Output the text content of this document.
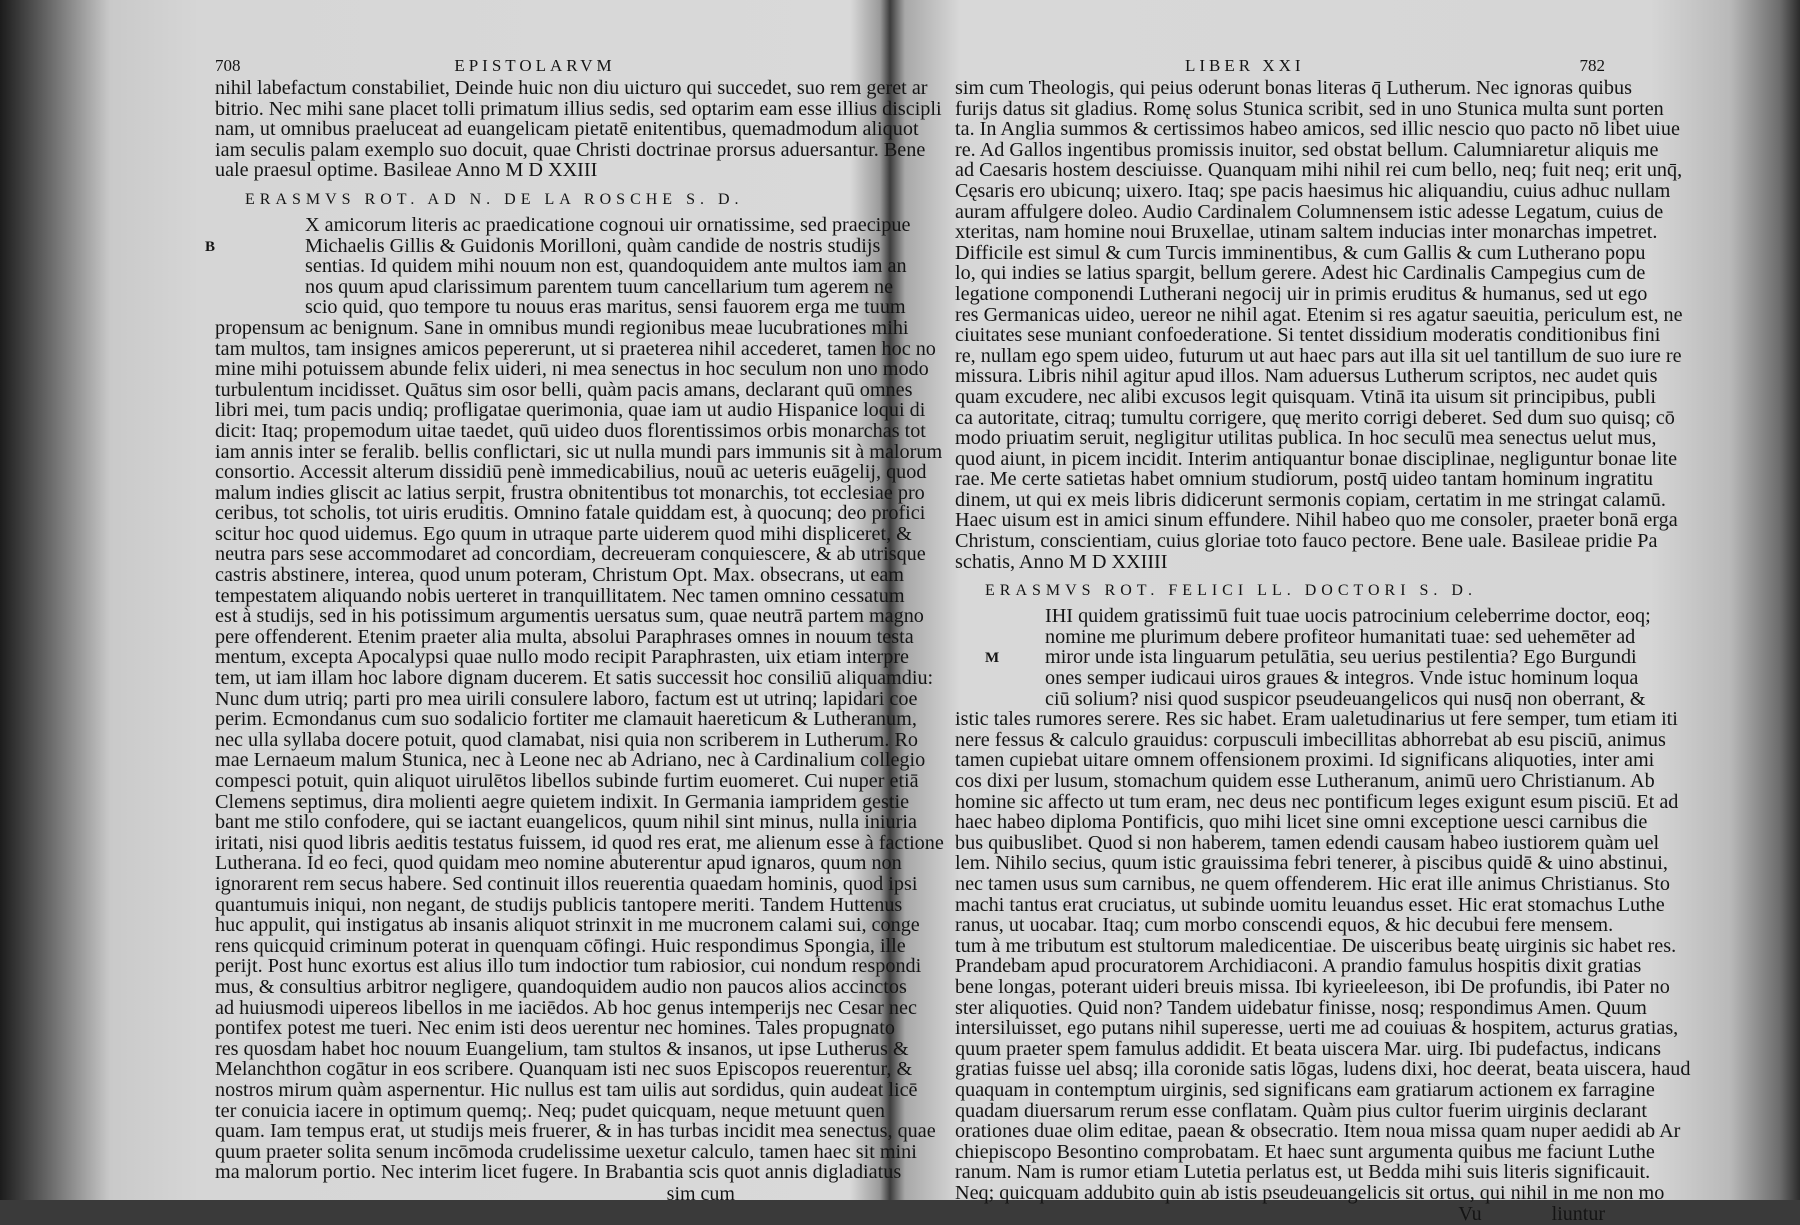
708	EPISTOLARVM
nihil labefactum constabiliet, Deinde huic non diu uicturo qui succedet, suo rem geret ar
bitrio. Nec mihi sane placet tolli primatum illius sedis, sed optarim eam esse illius discipli
nam, ut omnibus praeluceat ad euangelicam pietatē enitentibus, quemadmodum aliquot
iam seculis palam exemplo suo docuit, quae Christi doctrinae prorsus aduersantur. Bene
uale praesul optime. Basileae Anno M D XXIII
ERASMVS ROT. AD N. DE LA ROSCHE S. D.
B
X amicorum literis ac praedicatione cognoui uir ornatissime, sed praecipue
Michaelis Gillis & Guidonis Morilloni, quàm candide de nostris studijs
sentias. Id quidem mihi nouum non est, quandoquidem ante multos iam an
nos quum apud clarissimum parentem tuum cancellarium tum agerem ne
scio quid, quo tempore tu nouus eras maritus, sensi fauorem erga me tuum
propensum ac benignum. Sane in omnibus mundi regionibus meae lucubrationes mihi
tam multos, tam insignes amicos pepererunt, ut si praeterea nihil accederet, tamen hoc no
mine mihi potuissem abunde felix uideri, ni mea senectus in hoc seculum non uno modo
turbulentum incidisset. Quātus sim osor belli, quàm pacis amans, declarant quū omnes
libri mei, tum pacis undiq; profligatae querimonia, quae iam ut audio Hispanice loqui di
dicit: Itaq; propemodum uitae taedet, quū uideo duos florentissimos orbis monarchas tot
iam annis inter se feralib. bellis conflictari, sic ut nulla mundi pars immunis sit à malorum
consortio. Accessit alterum dissidiū penè immedicabilius, nouū ac ueteris euāgelij, quod
malum indies gliscit ac latius serpit, frustra obnitentibus tot monarchis, tot ecclesiae pro
ceribus, tot scholis, tot uiris eruditis. Omnino fatale quiddam est, à quocunq; deo profici
scitur hoc quod uidemus. Ego quum in utraque parte uiderem quod mihi displiceret, &
neutra pars sese accommodaret ad concordiam, decreueram conquiescere, & ab utrisque
castris abstinere, interea, quod unum poteram, Christum Opt. Max. obsecrans, ut eam
tempestatem aliquando nobis uerteret in tranquillitatem. Nec tamen omnino cessatum
est à studijs, sed in his potissimum argumentis uersatus sum, quae neutrā partem magno
pere offenderent. Etenim praeter alia multa, absolui Paraphrases omnes in nouum testa
mentum, excepta Apocalypsi quae nullo modo recipit Paraphrasten, uix etiam interpre
tem, ut iam illam hoc labore dignam ducerem. Et satis successit hoc consiliū aliquamdiu:
Nunc dum utriq; parti pro mea uirili consulere laboro, factum est ut utrinq; lapidari coe
perim. Ecmondanus cum suo sodalicio fortiter me clamauit haereticum & Lutheranum,
nec ulla syllaba docere potuit, quod clamabat, nisi quia non scriberem in Lutherum. Ro
mae Lernaeum malum Stunica, nec à Leone nec ab Adriano, nec à Cardinalium collegio
compesci potuit, quin aliquot uirulētos libellos subinde furtim euomeret. Cui nuper etiā
Clemens septimus, dira molienti aegre quietem indixit. In Germania iampridem gestie
bant me stilo confodere, qui se iactant euangelicos, quum nihil sint minus, nulla iniuria
iritati, nisi quod libris aeditis testatus fuissem, id quod res erat, me alienum esse à factione
Lutherana. Id eo feci, quod quidam meo nomine abuterentur apud ignaros, quum non
ignorarent rem secus habere. Sed continuit illos reuerentia quaedam hominis, quod ipsi
quantumuis iniqui, non negant, de studijs publicis tantopere meriti. Tandem Huttenus
huc appulit, qui instigatus ab insanis aliquot strinxit in me mucronem calami sui, conge
rens quicquid criminum poterat in quenquam cōfingi. Huic respondimus Spongia, ille
perijt. Post hunc exortus est alius illo tum indoctior tum rabiosior, cui nondum respondi
mus, & consultius arbitror negligere, quandoquidem audio non paucos alios accinctos
ad huiusmodi uipereos libellos in me iaciēdos. Ab hoc genus intemperijs nec Cesar nec
pontifex potest me tueri. Nec enim isti deos uerentur nec homines. Tales propugnato
res quosdam habet hoc nouum Euangelium, tam stultos & insanos, ut ipse Lutherus &
Melanchthon cogātur in eos scribere. Quanquam isti nec suos Episcopos reuerentur, &
nostros mirum quàm aspernentur. Hic nullus est tam uilis aut sordidus, quin audeat licē
ter conuicia iacere in optimum quemq;. Neq; pudet quicquam, neque metuunt quen
quam. Iam tempus erat, ut studijs meis fruerer, & in has turbas incidit mea senectus, quae
quum praeter solita senum incōmoda crudelissime uexetur calculo, tamen haec sit mini
ma malorum portio. Nec interim licet fugere. In Brabantia scis quot annis digladiatus
sim cum
LIBER XXI	782
sim cum Theologis, qui peius oderunt bonas literas q̄ Lutherum. Nec ignoras quibus
furijs datus sit gladius. Romę solus Stunica scribit, sed in uno Stunica multa sunt porten
ta. In Anglia summos & certissimos habeo amicos, sed illic nescio quo pacto nō libet uiue
re. Ad Gallos ingentibus promissis inuitor, sed obstat bellum. Calumniaretur aliquis me
ad Caesaris hostem desciuisse. Quanquam mihi nihil rei cum bello, neq; fuit neq; erit unq̄,
Cęsaris ero ubicunq; uixero. Itaq; spe pacis haesimus hic aliquandiu, cuius adhuc nullam
auram affulgere doleo. Audio Cardinalem Columnensem istic adesse Legatum, cuius de
xteritas, nam homine noui Bruxellae, utinam saltem inducias inter monarchas impetret.
Difficile est simul & cum Turcis imminentibus, & cum Gallis & cum Lutherano popu
lo, qui indies se latius spargit, bellum gerere. Adest hic Cardinalis Campegius cum de
legatione componendi Lutherani negocij uir in primis eruditus & humanus, sed ut ego
res Germanicas uideo, uereor ne nihil agat. Etenim si res agatur saeuitia, periculum est, ne
ciuitates sese muniant confoederatione. Si tentet dissidium moderatis conditionibus fini
re, nullam ego spem uideo, futurum ut aut haec pars aut illa sit uel tantillum de suo iure re
missura. Libris nihil agitur apud illos. Nam aduersus Lutherum scriptos, nec audet quis
quam excudere, nec alibi excusos legit quisquam. Vtinā ita uisum sit principibus, publi
ca autoritate, citraq; tumultu corrigere, quę merito corrigi deberet. Sed dum suo quisq; cō
modo priuatim seruit, negligitur utilitas publica. In hoc seculū mea senectus uelut mus,
quod aiunt, in picem incidit. Interim antiquantur bonae disciplinae, negliguntur bonae lite
rae. Me certe satietas habet omnium studiorum, postq̄ uideo tantam hominum ingratitu
dinem, ut qui ex meis libris didicerunt sermonis copiam, certatim in me stringat calamū.
Haec uisum est in amici sinum effundere. Nihil habeo quo me consoler, praeter bonā erga
Christum, conscientiam, cuius gloriae toto fauco pectore. Bene uale. Basileae pridie Pa
schatis, Anno M D XXIIII
ERASMVS ROT. FELICI LL. DOCTORI S. D.
M
IHI quidem gratissimū fuit tuae uocis patrocinium celeberrime doctor, eoq;
nomine me plurimum debere profiteor humanitati tuae: sed uehemēter ad
miror unde ista linguarum petulātia, seu uerius pestilentia? Ego Burgundi
ones semper iudicaui uiros graues & integros. Vnde istuc hominum loqua
ciū solium? nisi quod suspicor pseudeuangelicos qui nusq̄ non oberrant, &
istic tales rumores serere. Res sic habet. Eram ualetudinarius ut fere semper, tum etiam iti
nere fessus & calculo grauidus: corpusculi imbecillitas abhorrebat ab esu pisciū, animus
tamen cupiebat uitare omnem offensionem proximi. Id significans aliquoties, inter ami
cos dixi per lusum, stomachum quidem esse Lutheranum, animū uero Christianum. Ab
homine sic affecto ut tum eram, nec deus nec pontificum leges exigunt esum pisciū. Et ad
haec habeo diploma Pontificis, quo mihi licet sine omni exceptione uesci carnibus die
bus quibuslibet. Quod si non haberem, tamen edendi causam habeo iustiorem quàm uel
lem. Nihilo secius, quum istic grauissima febri tenerer, à piscibus quidē & uino abstinui,
nec tamen usus sum carnibus, ne quem offenderem. Hic erat ille animus Christianus. Sto
machi tantus erat cruciatus, ut subinde uomitu leuandus esset. Hic erat stomachus Luthe
ranus, ut uocabar. Itaq; cum morbo conscendi equos, & hic decubui fere mensem.
tum à me tributum est stultorum maledicentiae. De uisceribus beatę uirginis sic habet res.
Prandebam apud procuratorem Archidiaconi. A prandio famulus hospitis dixit gratias
bene longas, poterant uideri breuis missa. Ibi kyrieeleeson, ibi De profundis, ibi Pater no
ster aliquoties. Quid non? Tandem uidebatur finisse, nosq; respondimus Amen. Quum
intersiluisset, ego putans nihil superesse, uerti me ad couiuas & hospitem, acturus gratias,
quum praeter spem famulus addidit. Et beata uiscera Mar. uirg. Ibi pudefactus, indicans
gratias fuisse uel absq; illa coronide satis lōgas, ludens dixi, hoc deerat, beata uiscera, haud
quaquam in contemptum uirginis, sed significans eam gratiarum actionem ex farragine
quadam diuersarum rerum esse conflatam. Quàm pius cultor fuerim uirginis declarant
orationes duae olim editae, paean & obsecratio. Item noua missa quam nuper aedidi ab Ar
chiepiscopo Besontino comprobatam. Et haec sunt argumenta quibus me faciunt Luthe
ranum. Nam is rumor etiam Lutetia perlatus est, ut Bedda mihi suis literis significauit.
Neq; quicquam addubito quin ab istis pseudeuangelicis sit ortus, qui nihil in me non mo
Vu	liuntur
